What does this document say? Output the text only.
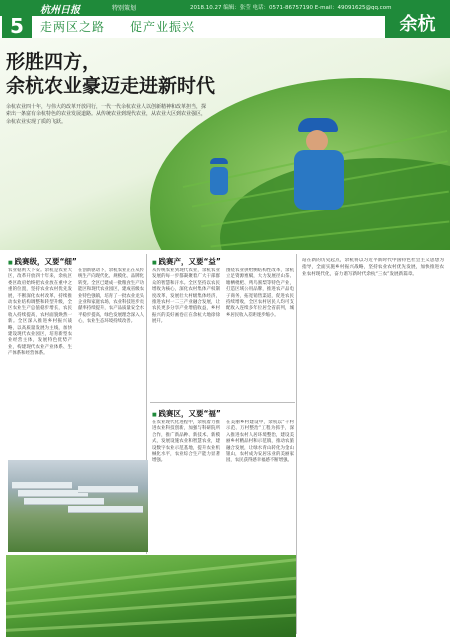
5
杭州日报	特别策划	2018.10.27 编辑：张莹 电话：0571-86757190 E-mail：49091625@qq.com
走两区之路 促产业振兴	余杭
形胜四方，
余杭农业豪迈走进新时代
余杭农业四十年，与伟大的改革开放同行，一代一代余杭农业人以创新精神和改革担当，探索出一条富有余杭特色的农业发展道路。从传统农业到现代农业，从农业大区到农业强区，余杭农业实现了质的飞跃。
■ 践赛级，又要“细”
农业稳则天下安。余杭是农业大区，改革开放四十年来，余杭区委区政府始终把农业放在重中之重的位置，坚持农业农村优先发展，不断深化农村改革，持续推动农业结构调整和转型升级，全区农业生产总值稳步增长，农民收入持续提高，农村面貌焕然一新。全区深入推进乡村振兴战略，以高质量发展为主线，加快建设现代农业园区，培育新型农业经营主体，发展特色优势产业，构建现代农业产业体系、生产体系和经营体系。
在创新驱动下，余杭农业正在从传统生产向现代化、规模化、品牌化转变。全区已建成一批粮食生产功能区和现代农业园区，建成省级农业特色强镇，培育了一批农业龙头企业和家庭农场，农业科技进步贡献率持续提升，农产品质量安全水平稳步提高，绿色发展理念深入人心，农业生态环境持续改善。
■ 践赛产，又要“益”
从传统农业到现代农业，余杭农业发展的每一步都凝聚着广大干部群众的智慧和汗水。全区坚持以农民增收为核心，深化农村集体产权制度改革，发展壮大村级集体经济，推进农村一二三产业融合发展，让农民更多分享产业增值收益，乡村振兴的美好画卷正在余杭大地徐徐展开。
围绕农业供给侧结构性改革，余杭立足资源禀赋，大力发展径山茶、塘栖枇杷、鸬鸟蜜梨等特色产业，打造区域公用品牌，推进农产品电子商务，拓宽销售渠道，促进农民持续增收，全区农村居民人均可支配收入连续多年位居全省前列，城乡居民收入差距逐步缩小。
■ 践赛区，又要“福”
在农业现代化进程中，余杭着力推进农业科技创新，加强与科研院所合作，推广新品种、新技术、新模式，发展设施农业和智慧农业，建设数字农业示范基地，提升农业机械化水平，农业综合生产能力显著增强。
在美丽乡村建设中，余杭以“千村示范、万村整治”工程为抓手，深入推进农村人居环境整治，建设美丽乡村精品村和示范镇，推动农旅融合发展，让绿水青山转化为金山银山，农村成为安居乐业的美丽家园，农民获得感幸福感不断增强。
站在新的历史起点，余杭将以习近平新时代中国特色社会主义思想为指导，全面实施乡村振兴战略，坚持农业农村优先发展，加快推进农业农村现代化，奋力谱写新时代余杭“三农”发展新篇章。
